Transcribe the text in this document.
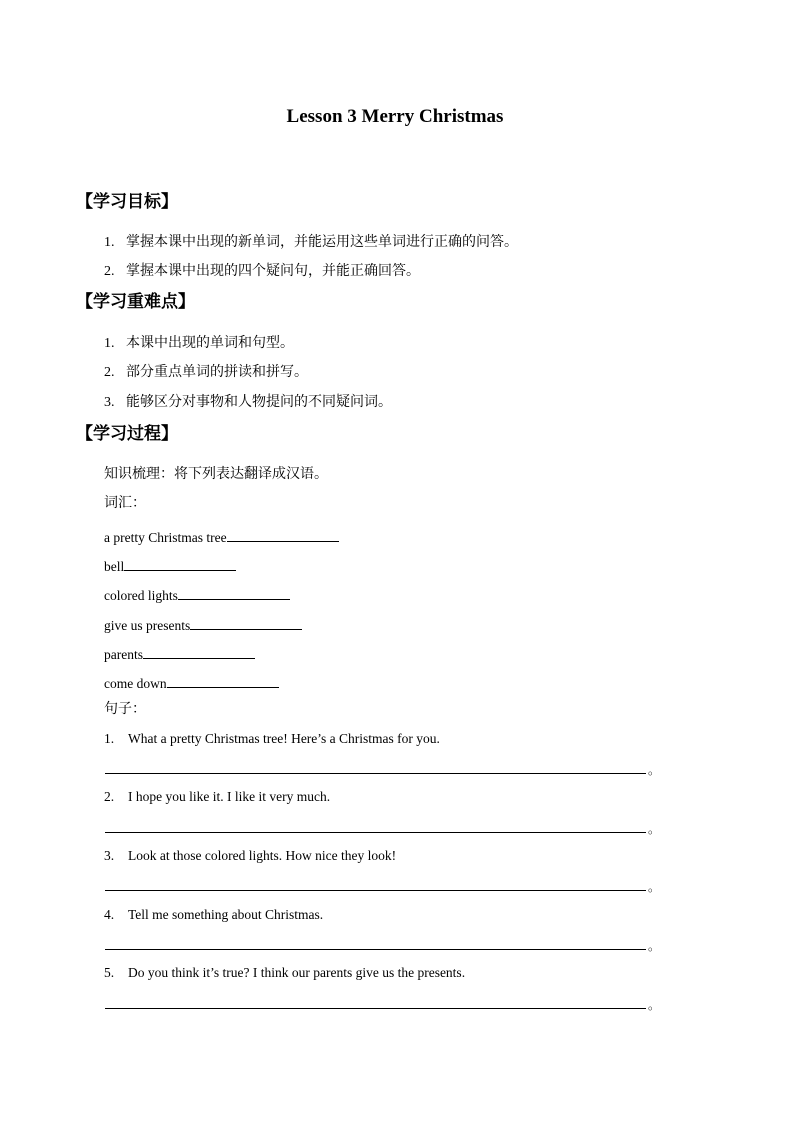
Lesson 3 Merry Christmas
【学习目标】
1. 掌握本课中出现的新单词，并能运用这些单词进行正确的问答。
2. 掌握本课中出现的四个疑问句，并能正确回答。
【学习重难点】
1. 本课中出现的单词和句型。
2. 部分重点单词的拼读和拼写。
3. 能够区分对事物和人物提问的不同疑问词。
【学习过程】
知识梳理：将下列表达翻译成汉语。
词汇：
a pretty Christmas tree
bell
colored lights
give us presents
parents
come down
句子：
1. What a pretty Christmas tree! Here’s a Christmas for you.
。
2. I hope you like it. I like it very much.
。
3. Look at those colored lights. How nice they look!
。
4. Tell me something about Christmas.
。
5. Do you think it’s true? I think our parents give us the presents.
。
